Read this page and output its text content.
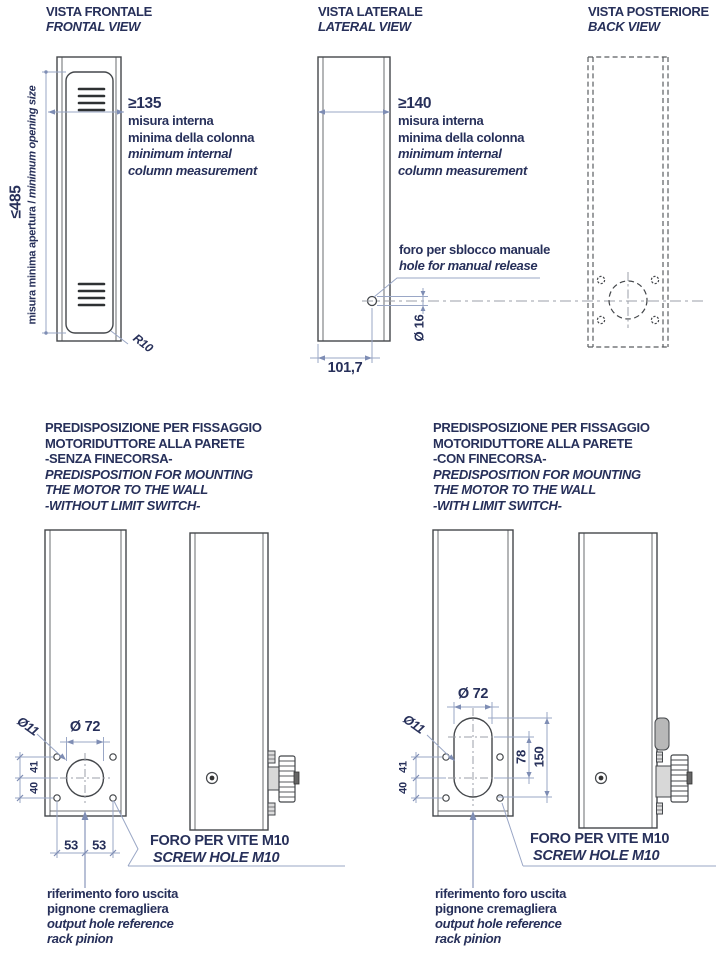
VISTA FRONTALE
FRONTAL VIEW
≤485 misura minima apertura / minimum opening size	≥135
misura interna
minima della colonna
minimum internal
column measurement
R10
VISTA LATERALE
LATERAL VIEW
≥140
misura interna
minima della colonna
minimum internal
column measurement
foro per sblocco manuale
hole for manual release
Ø 16
101,7
VISTA POSTERIORE
BACK VIEW
PREDISPOSIZIONE PER FISSAGGIO
MOTORIDUTTORE ALLA PARETE
-SENZA FINECORSA-
PREDISPOSITION FOR MOUNTING
THE MOTOR TO THE WALL
-WITHOUT LIMIT SWITCH-
Ø 72
Ø11
41
40
53 53	FORO PER VITE M10
SCREW HOLE M10
riferimento foro uscita
pignone cremagliera
output hole reference
rack pinion
PREDISPOSIZIONE PER FISSAGGIO
MOTORIDUTTORE ALLA PARETE
-CON FINECORSA-
PREDISPOSITION FOR MOUNTING
THE MOTOR TO THE WALL
-WITH LIMIT SWITCH-
Ø 72
Ø11
41
40
78 150
FORO PER VITE M10
SCREW HOLE M10
riferimento foro uscita
pignone cremagliera
output hole reference
rack pinion
